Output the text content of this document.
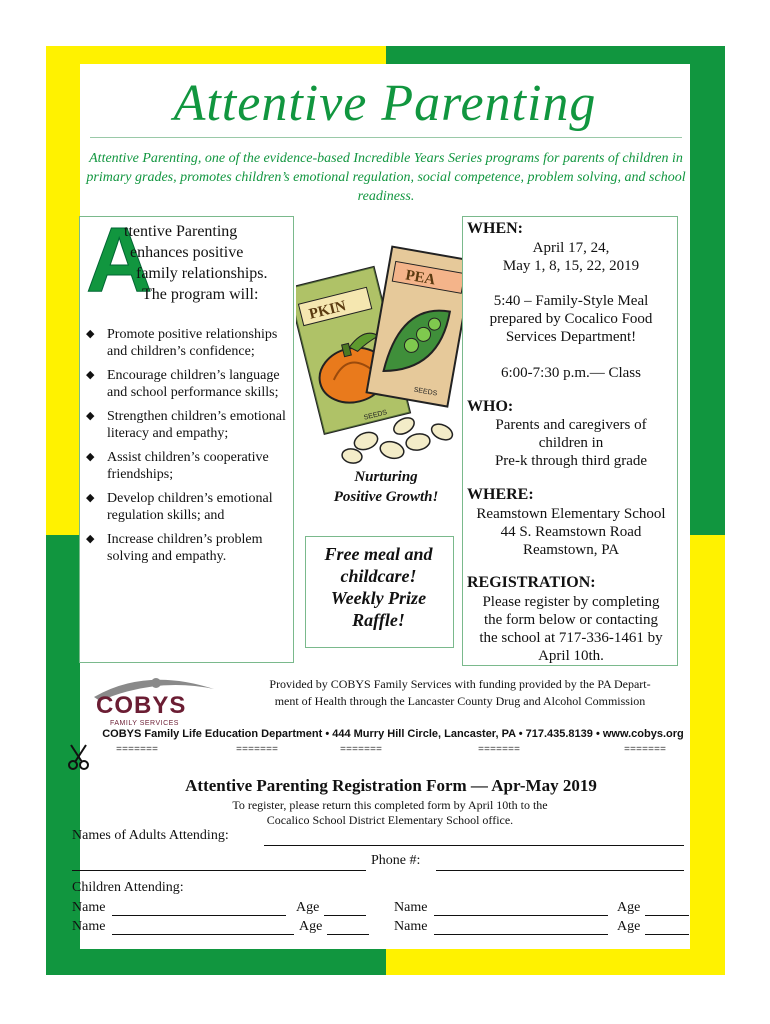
Attentive Parenting

Attentive Parenting, one of the evidence-based Incredible Years Series programs for parents of children in primary grades, promotes children’s emotional regulation, social competence, problem solving, and school readiness.

A

ttentive Parenting
enhances positive
family relationships.
The program will:

◆ Promote positive relationships and children’s confidence;
◆ Encourage children’s language and school performance skills;
◆ Strengthen children’s emotional literacy and empathy;
◆ Assist children’s cooperative friendships;
◆ Develop children’s emotional regulation skills; and
◆ Increase children’s problem solving and empathy.
PKIN
SEEDS
PEA
SEEDS

Nurturing
Positive Growth!

Free meal and
childcare!
Weekly Prize
Raffle!

WHEN:

April 17, 24,
May 1, 8, 15, 22, 2019

5:40 – Family-Style Meal
prepared by Cocalico Food
Services Department!

6:00-7:30 p.m.— Class

WHO:

Parents and caregivers of
children in
Pre-k through third grade

WHERE:

Reamstown Elementary School
44 S. Reamstown Road
Reamstown, PA

REGISTRATION:

Please register by completing
the form below or contacting
the school at 717-336-1461 by
April 10th.

Provided by COBYS Family Services with funding provided by the PA Depart-
ment of Health through the Lancaster County Drug and Alcohol Commission

COBYS

FAMILY SERVICES

COBYS Family Life Education Department • 444 Murry Hill Circle, Lancaster, PA • 717.435.8139 • www.cobys.org

=======	=======	=======	=======	=======

Attentive Parenting Registration Form — Apr-May 2019

To register, please return this completed form by April 10th to the
Cocalico School District Elementary School office.

Names of Adults Attending:

Phone #:

Children Attending:

Name	Age	Name	Age

Name	Age	Name	Age
